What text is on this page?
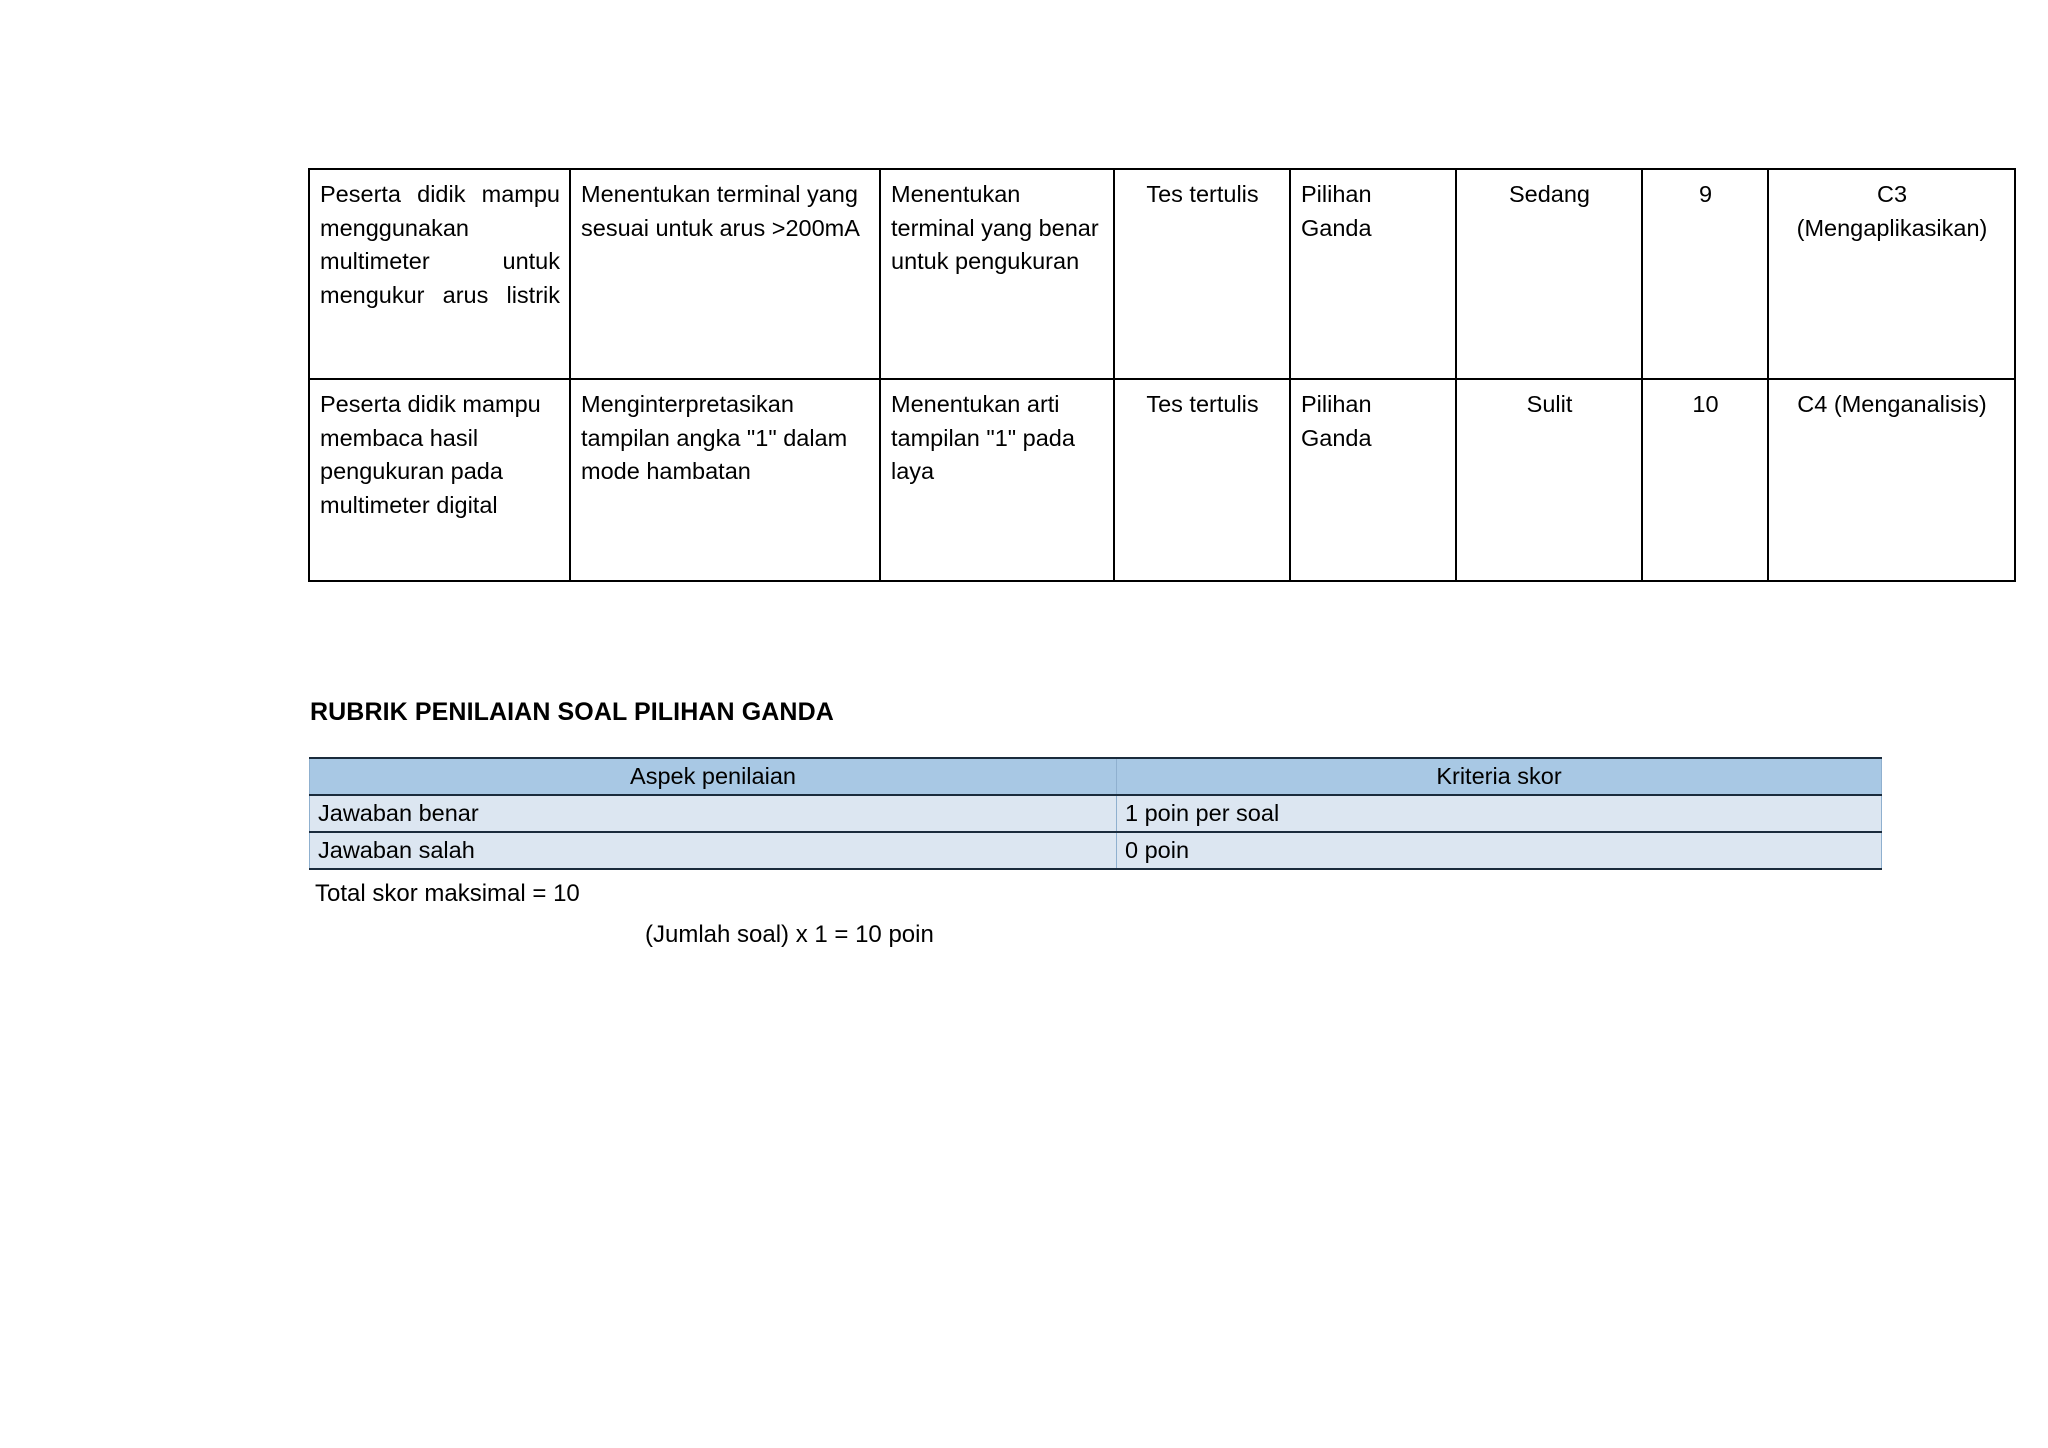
Peserta didik mampu menggunakan multimeter untuk mengukur arus listrik	Menentukan terminal yang sesuai untuk arus >200mA	Menentukan terminal yang benar untuk pengukuran	Tes tertulis	Pilihan Ganda	Sedang	9	C3 (Mengaplikasikan)
Peserta didik mampu membaca hasil pengukuran pada multimeter digital	Menginterpretasikan tampilan angka "1" dalam mode hambatan	Menentukan arti tampilan "1" pada laya	Tes tertulis	Pilihan Ganda	Sulit	10	C4 (Menganalisis)
RUBRIK PENILAIAN SOAL PILIHAN GANDA
Aspek penilaian	Kriteria skor
Jawaban benar	1 poin per soal
Jawaban salah	0 poin
Total skor maksimal = 10
(Jumlah soal) x 1 = 10 poin
